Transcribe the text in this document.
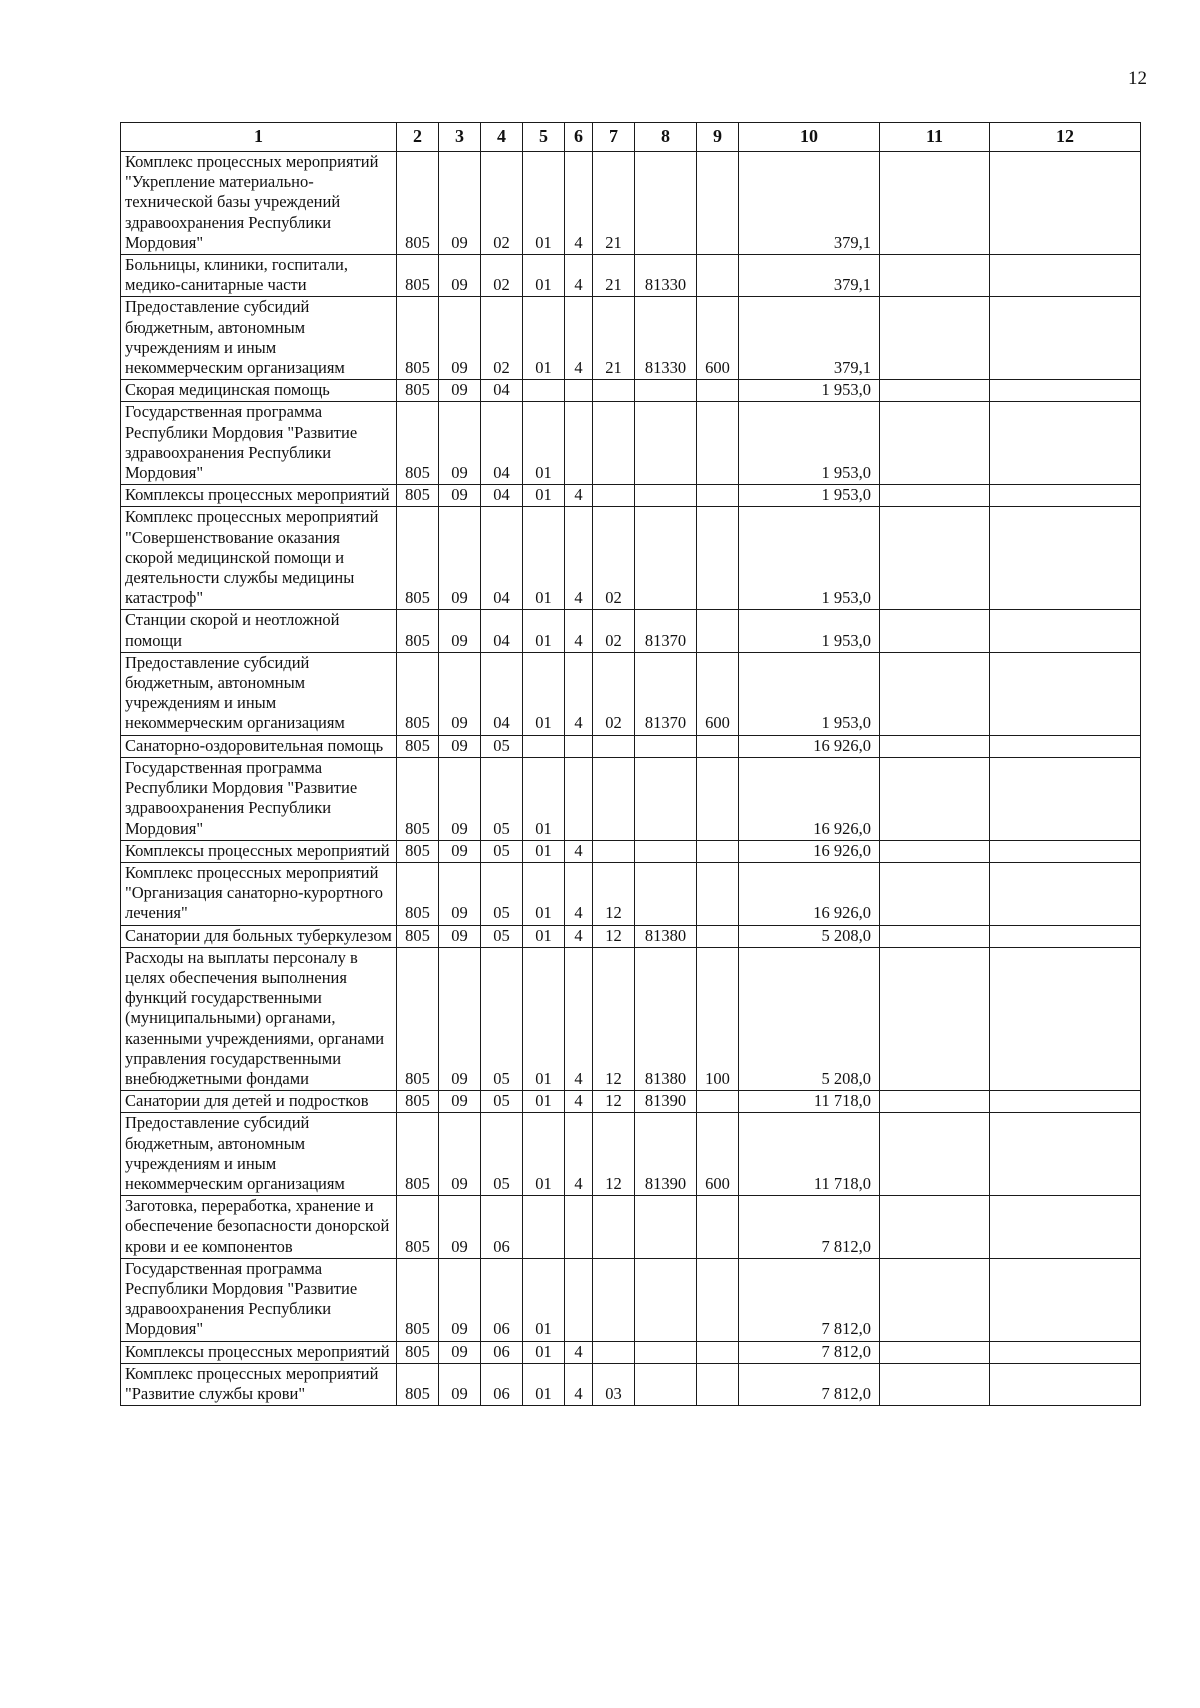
12
1	2	3	4	5	6	7	8	9	10	11	12
Комплекс процессных мероприятий "Укрепление материально-технической базы учреждений здравоохранения Республики Мордовия"	805	09	02	01	4	21			379,1		
Больницы, клиники, госпитали, медико-санитарные части	805	09	02	01	4	21	81330		379,1		
Предоставление субсидий бюджетным, автономным учреждениям и иным некоммерческим организациям	805	09	02	01	4	21	81330	600	379,1		
Скорая медицинская помощь	805	09	04						1 953,0		
Государственная программа Республики Мордовия "Развитие здравоохранения Республики Мордовия"	805	09	04	01					1 953,0		
Комплексы процессных мероприятий	805	09	04	01	4				1 953,0		
Комплекс процессных мероприятий "Совершенствование оказания скорой медицинской помощи и деятельности службы медицины катастроф"	805	09	04	01	4	02			1 953,0		
Станции скорой и неотложной помощи	805	09	04	01	4	02	81370		1 953,0		
Предоставление субсидий бюджетным, автономным учреждениям и иным некоммерческим организациям	805	09	04	01	4	02	81370	600	1 953,0		
Санаторно-оздоровительная помощь	805	09	05						16 926,0		
Государственная программа Республики Мордовия "Развитие здравоохранения Республики Мордовия"	805	09	05	01					16 926,0		
Комплексы процессных мероприятий	805	09	05	01	4				16 926,0		
Комплекс процессных мероприятий "Организация санаторно-курортного лечения"	805	09	05	01	4	12			16 926,0		
Санатории для больных туберкулезом	805	09	05	01	4	12	81380		5 208,0		
Расходы на выплаты персоналу в целях обеспечения выполнения функций государственными (муниципальными) органами, казенными учреждениями, органами управления государственными внебюджетными фондами	805	09	05	01	4	12	81380	100	5 208,0		
Санатории для детей и подростков	805	09	05	01	4	12	81390		11 718,0		
Предоставление субсидий бюджетным, автономным учреждениям и иным некоммерческим организациям	805	09	05	01	4	12	81390	600	11 718,0		
Заготовка, переработка, хранение и обеспечение безопасности донорской крови и ее компонентов	805	09	06						7 812,0		
Государственная программа Республики Мордовия "Развитие здравоохранения Республики Мордовия"	805	09	06	01					7 812,0		
Комплексы процессных мероприятий	805	09	06	01	4				7 812,0		
Комплекс процессных мероприятий "Развитие службы крови"	805	09	06	01	4	03			7 812,0		
